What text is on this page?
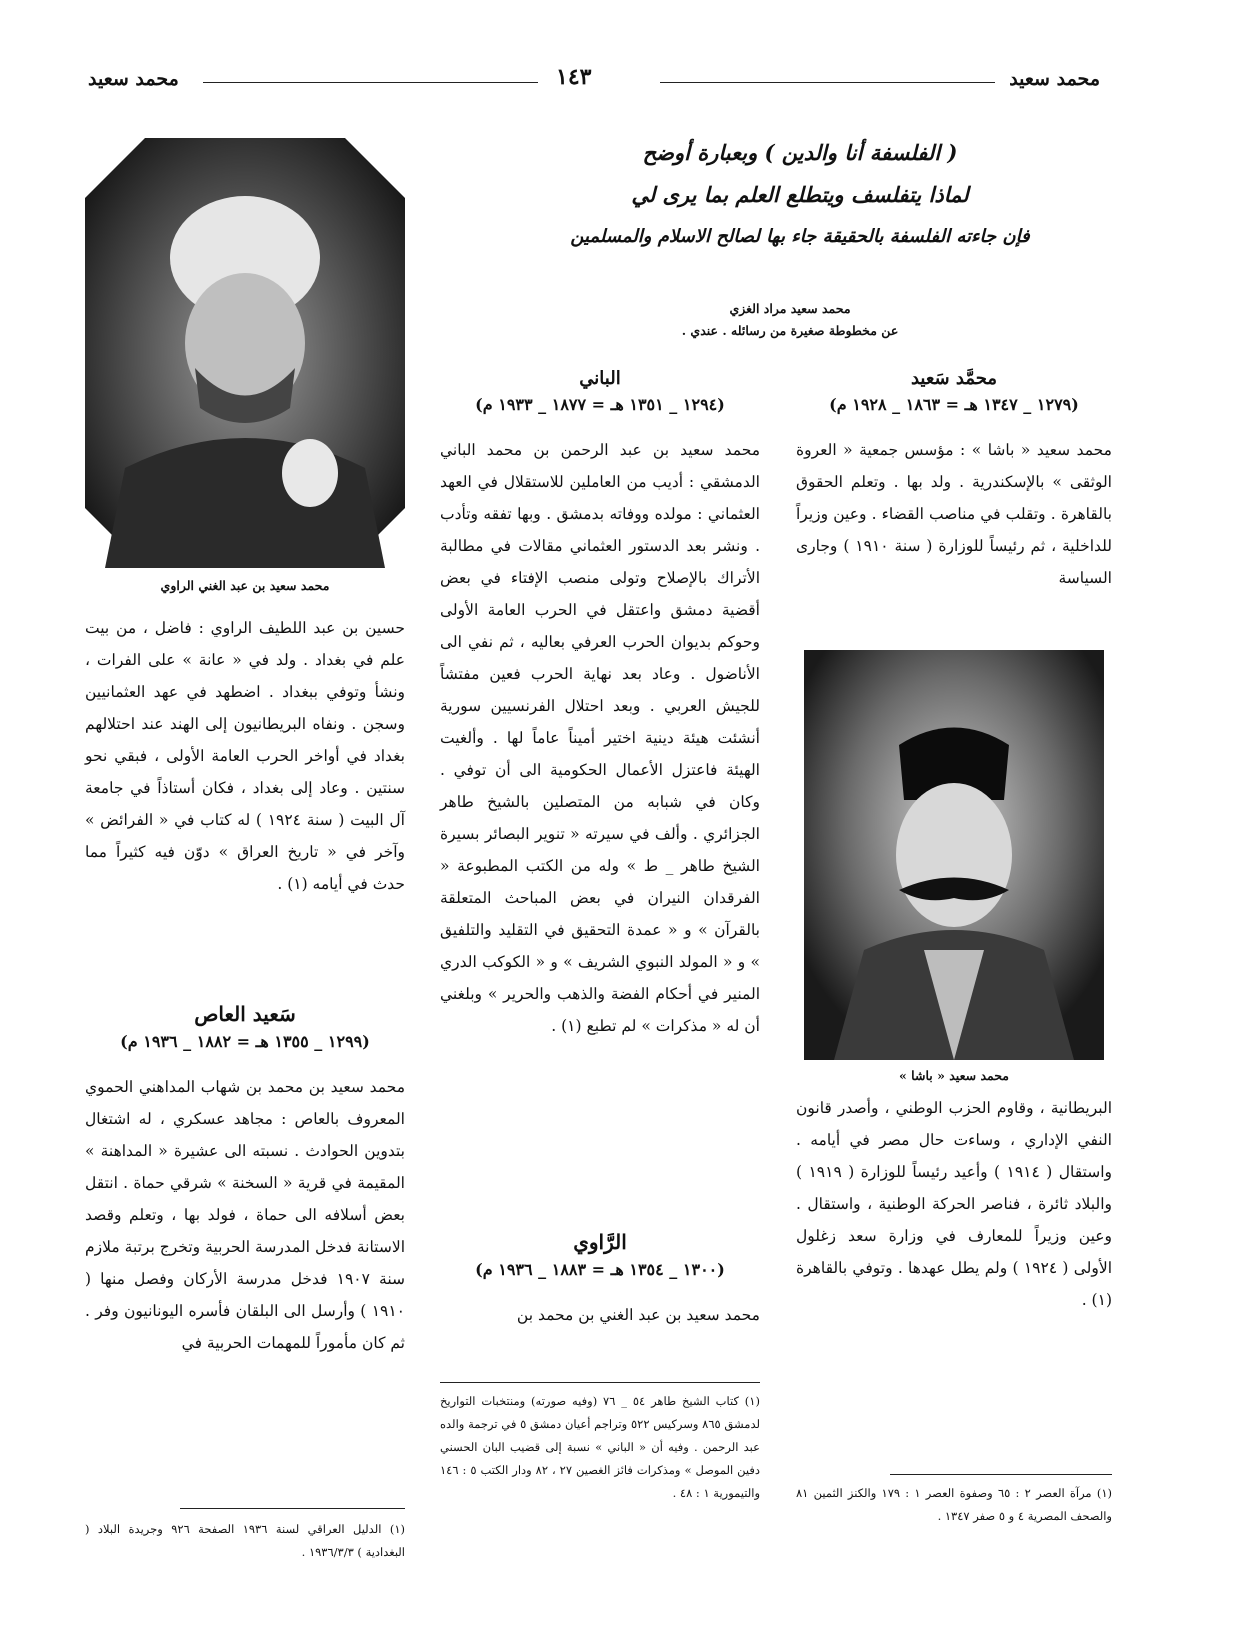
محمد سعيد
١٤٣
محمد سعيد
( الفلسفة أنا والدين ) وبعبارة أوضح
لماذا يتفلسف ويتطلع العلم بما يرى لي
فإن جاءته الفلسفة بالحقيقة جاء بها لصالح الاسلام والمسلمين
محمد سعيد مراد الغزي
عن مخطوطة صغيرة من رسائله . عندي .
محمَّد سَعيد
(١٢٧٩ _ ١٣٤٧ هـ = ١٨٦٣ _ ١٩٢٨ م)
محمد سعيد « باشا » : مؤسس جمعية « العروة الوثقى » بالإسكندرية . ولد بها . وتعلم الحقوق بالقاهرة . وتقلب في مناصب القضاء . وعين وزيراً للداخلية ، ثم رئيساً للوزارة ( سنة ١٩١٠ ) وجارى السياسة
محمد سعيد « باشا »
البريطانية ، وقاوم الحزب الوطني ، وأصدر قانون النفي الإداري ، وساءت حال مصر في أيامه . واستقال ( ١٩١٤ ) وأعيد رئيساً للوزارة ( ١٩١٩ ) والبلاد ثائرة ، فناصر الحركة الوطنية ، واستقال . وعين وزيراً للمعارف في وزارة سعد زغلول الأولى ( ١٩٢٤ ) ولم يطل عهدها . وتوفي بالقاهرة (١) .
(١) مرآة العصر ٢ : ٦٥ وصفوة العصر ١ : ١٧٩ والكنز الثمين ٨١ والصحف المصرية ٤ و ٥ صفر ١٣٤٧ .
الباني
(١٢٩٤ _ ١٣٥١ هـ = ١٨٧٧ _ ١٩٣٣ م)
محمد سعيد بن عبد الرحمن بن محمد الباني الدمشقي : أديب من العاملين للاستقلال في العهد العثماني : مولده ووفاته بدمشق . وبها تفقه وتأدب . ونشر بعد الدستور العثماني مقالات في مطالبة الأتراك بالإصلاح وتولى منصب الإفتاء في بعض أقضية دمشق واعتقل في الحرب العامة الأولى وحوكم بديوان الحرب العرفي بعاليه ، ثم نفي الى الأناضول . وعاد بعد نهاية الحرب فعين مفتشاً للجيش العربي . وبعد احتلال الفرنسيين سورية أنشئت هيئة دينية اختير أميناً عاماً لها . وألغيت الهيئة فاعتزل الأعمال الحكومية الى أن توفي . وكان في شبابه من المتصلين بالشيخ طاهر الجزائري . وألف في سيرته « تنوير البصائر بسيرة الشيخ طاهر _ ط » وله من الكتب المطبوعة « الفرقدان النيران في بعض المباحث المتعلقة بالقرآن » و « عمدة التحقيق في التقليد والتلفيق » و « المولد النبوي الشريف » و « الكوكب الدري المنير في أحكام الفضة والذهب والحرير » وبلغني أن له « مذكرات » لم تطبع (١) .
الرَّاوي
(١٣٠٠ _ ١٣٥٤ هـ = ١٨٨٣ _ ١٩٣٦ م)
محمد سعيد بن عبد الغني بن محمد بن
(١) كتاب الشيخ طاهر ٥٤ _ ٧٦ (وفيه صورته) ومنتخبات التواريخ لدمشق ٨٦٥ وسركيس ٥٢٢ وتراجم أعيان دمشق ٥ في ترجمة والده عبد الرحمن . وفيه أن « الباني » نسبة إلى قضيب البان الحسني دفين الموصل » ومذكرات فائز الغصين ٢٧ ، ٨٢ ودار الكتب ٥ : ١٤٦ والتيمورية ١ : ٤٨ .
محمد سعيد بن عبد الغني الراوي
حسين بن عبد اللطيف الراوي : فاضل ، من بيت علم في بغداد . ولد في « عانة » على الفرات ، ونشأ وتوفي ببغداد . اضطهد في عهد العثمانيين وسجن . ونفاه البريطانيون إلى الهند عند احتلالهم بغداد في أواخر الحرب العامة الأولى ، فبقي نحو سنتين . وعاد إلى بغداد ، فكان أستاذاً في جامعة آل البيت ( سنة ١٩٢٤ ) له كتاب في « الفرائض » وآخر في « تاريخ العراق » دوّن فيه كثيراً مما حدث في أيامه (١) .
سَعيد العاص
(١٢٩٩ _ ١٣٥٥ هـ = ١٨٨٢ _ ١٩٣٦ م)
محمد سعيد بن محمد بن شهاب المداهني الحموي المعروف بالعاص : مجاهد عسكري ، له اشتغال بتدوين الحوادث . نسبته الى عشيرة « المداهنة » المقيمة في قرية « السخنة » شرقي حماة . انتقل بعض أسلافه الى حماة ، فولد بها ، وتعلم وقصد الاستانة فدخل المدرسة الحربية وتخرج برتبة ملازم سنة ١٩٠٧ فدخل مدرسة الأركان وفصل منها ( ١٩١٠ ) وأرسل الى البلقان فأسره اليونانيون وفر . ثم كان مأموراً للمهمات الحربية في
(١) الدليل العراقي لسنة ١٩٣٦ الصفحة ٩٢٦ وجريدة البلاد ( البغدادية ) ١٩٣٦/٣/٣ .
